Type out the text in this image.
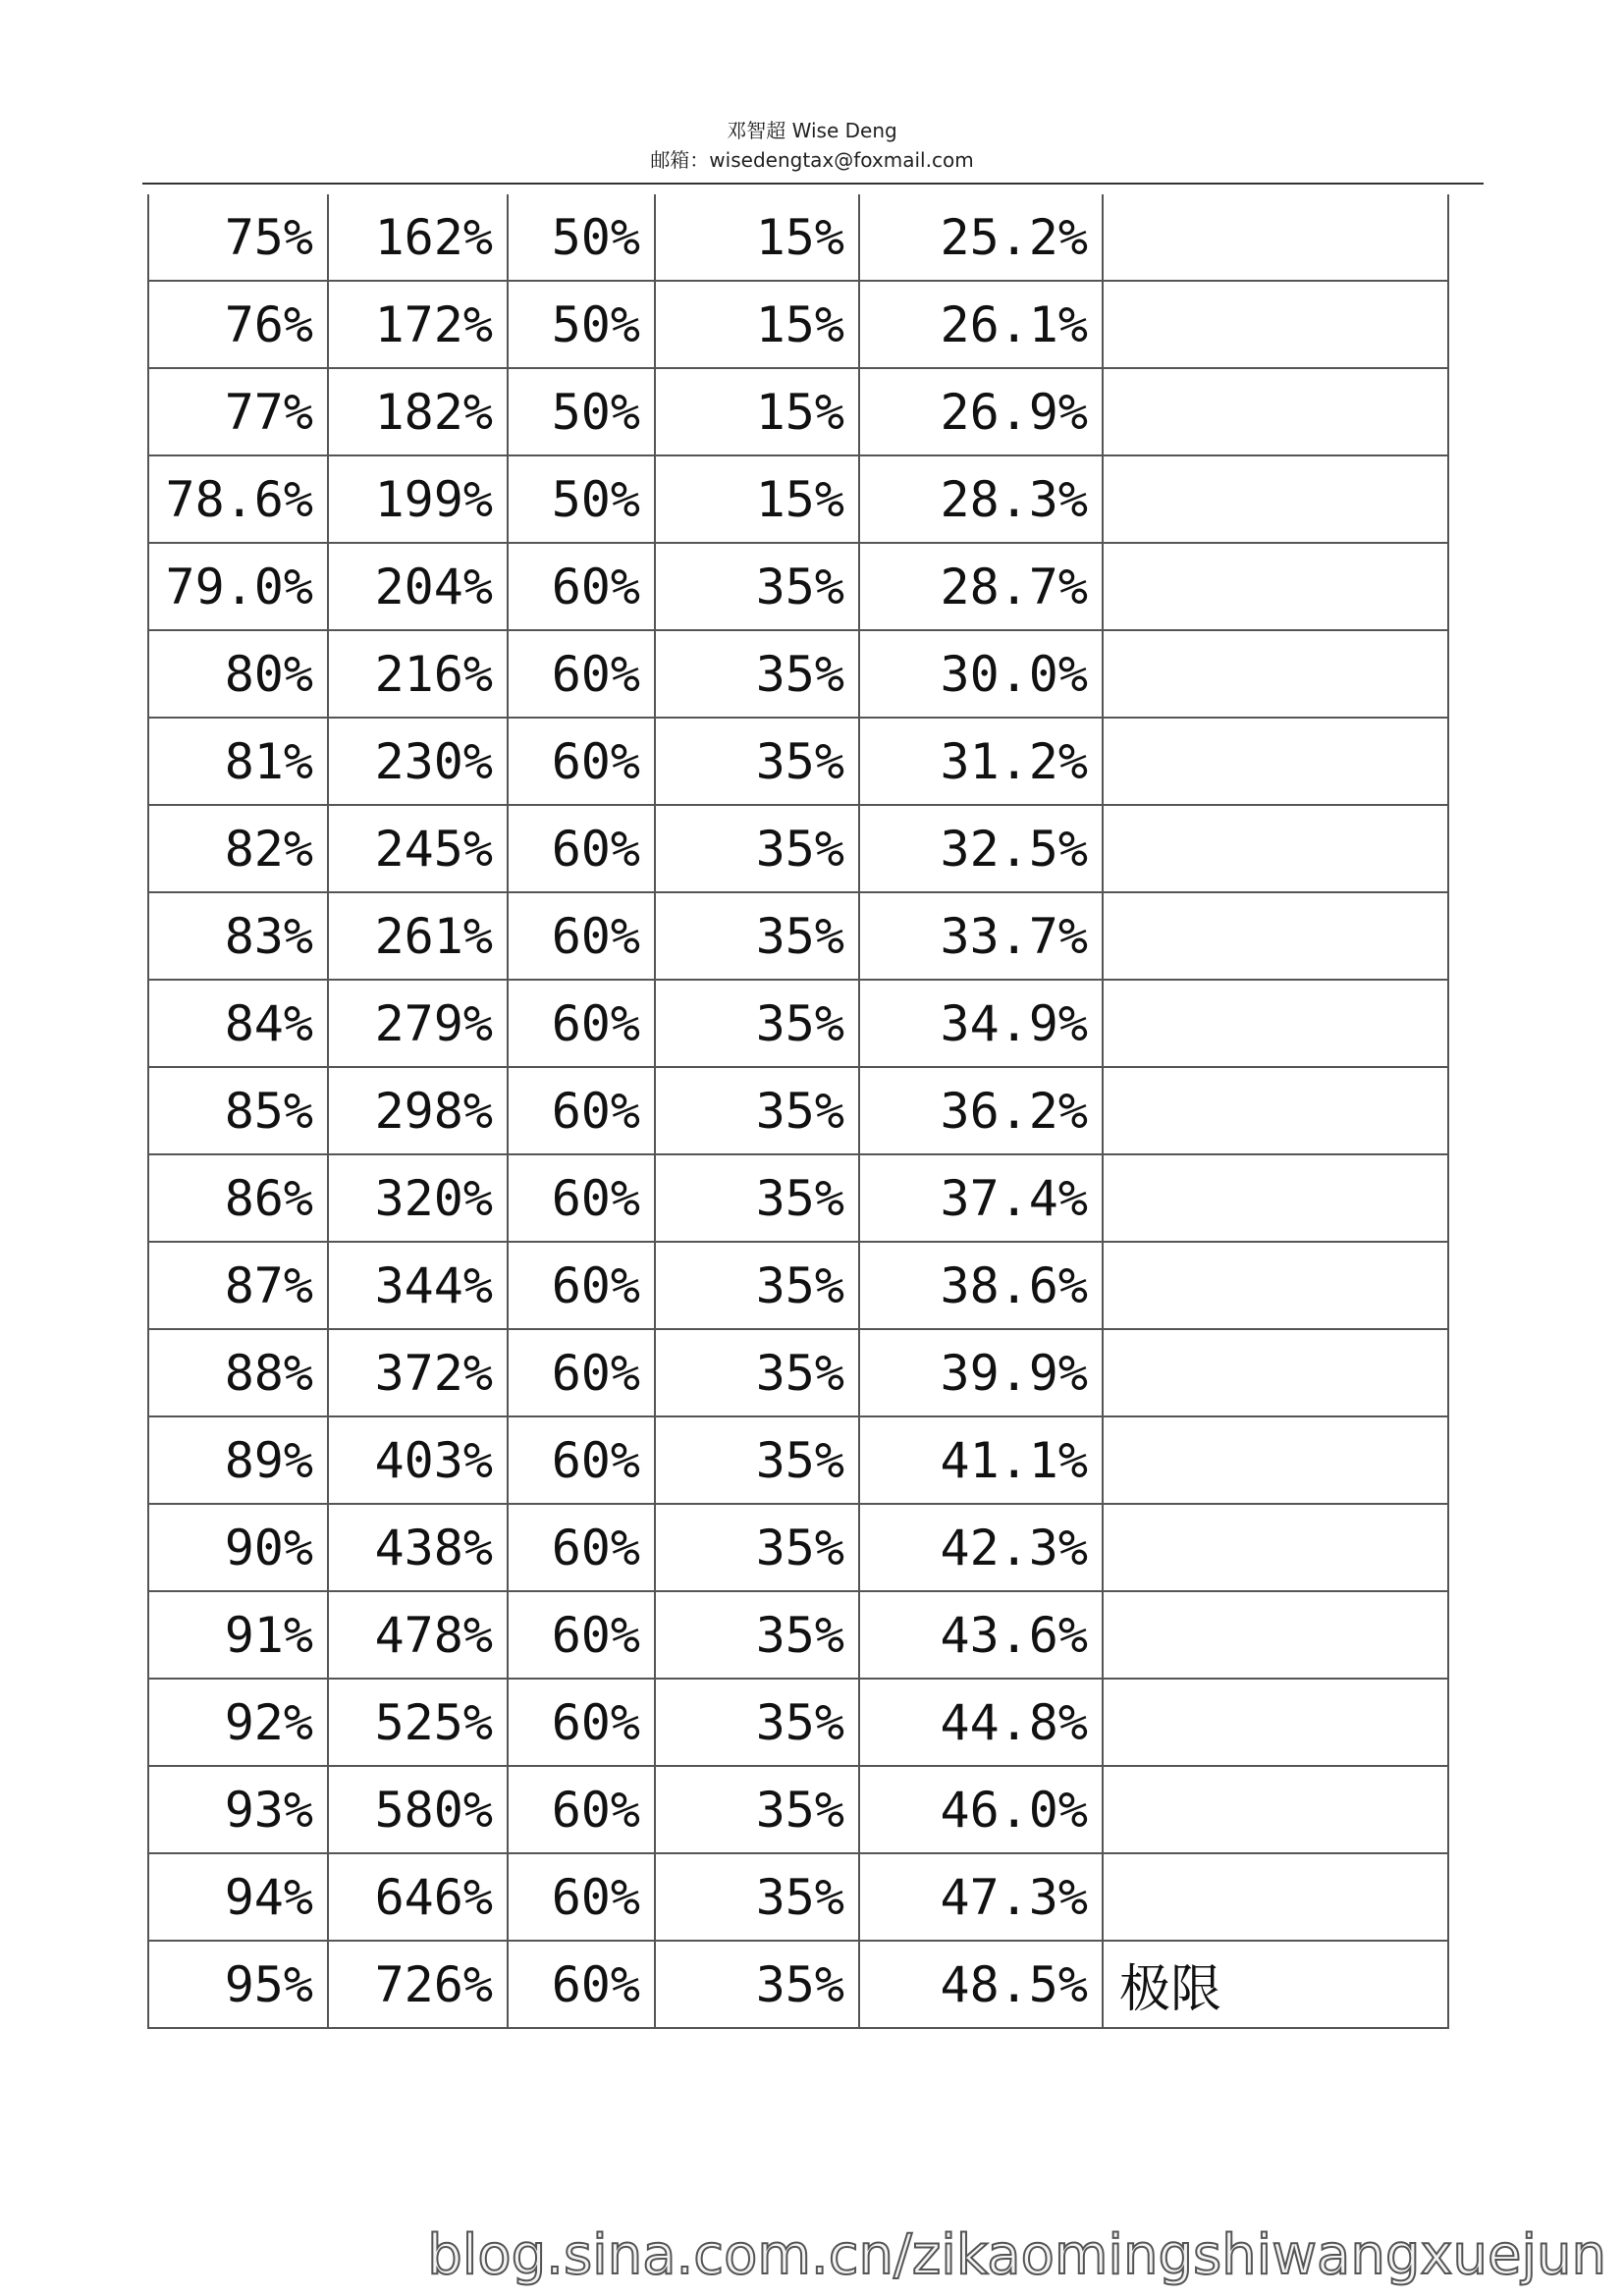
邓智超 Wise Deng
邮箱：wisedengtax@foxmail.com
75%	162%	50%	15%	25.2%	
76%	172%	50%	15%	26.1%	
77%	182%	50%	15%	26.9%	
78.6%	199%	50%	15%	28.3%	
79.0%	204%	60%	35%	28.7%	
80%	216%	60%	35%	30.0%	
81%	230%	60%	35%	31.2%	
82%	245%	60%	35%	32.5%	
83%	261%	60%	35%	33.7%	
84%	279%	60%	35%	34.9%	
85%	298%	60%	35%	36.2%	
86%	320%	60%	35%	37.4%	
87%	344%	60%	35%	38.6%	
88%	372%	60%	35%	39.9%	
89%	403%	60%	35%	41.1%	
90%	438%	60%	35%	42.3%	
91%	478%	60%	35%	43.6%	
92%	525%	60%	35%	44.8%	
93%	580%	60%	35%	46.0%	
94%	646%	60%	35%	47.3%	
95%	726%	60%	35%	48.5%	极限
blog.sina.com.cn/zikaomingshiwangxuejun
